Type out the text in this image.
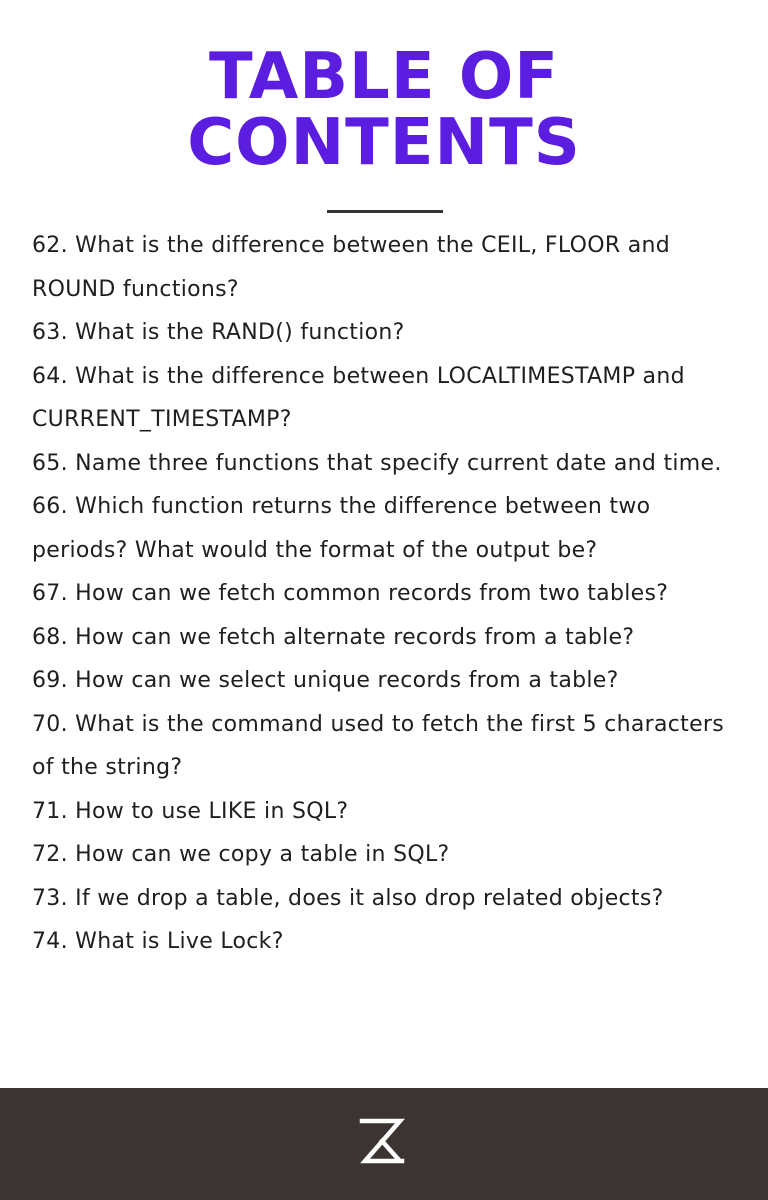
TABLE OF
CONTENTS
62. What is the difference between the CEIL, FLOOR and ROUND functions?
63. What is the RAND() function?
64. What is the difference between LOCALTIMESTAMP and CURRENT_TIMESTAMP?
65. Name three functions that specify current date and time.
66. Which function returns the difference between two periods? What would the format of the output be?
67. How can we fetch common records from two tables?
68. How can we fetch alternate records from a table?
69. How can we select unique records from a table?
70. What is the command used to fetch the first 5 characters of the string?
71. How to use LIKE in SQL?
72. How can we copy a table in SQL?
73. If we drop a table, does it also drop related objects?
74. What is Live Lock?
